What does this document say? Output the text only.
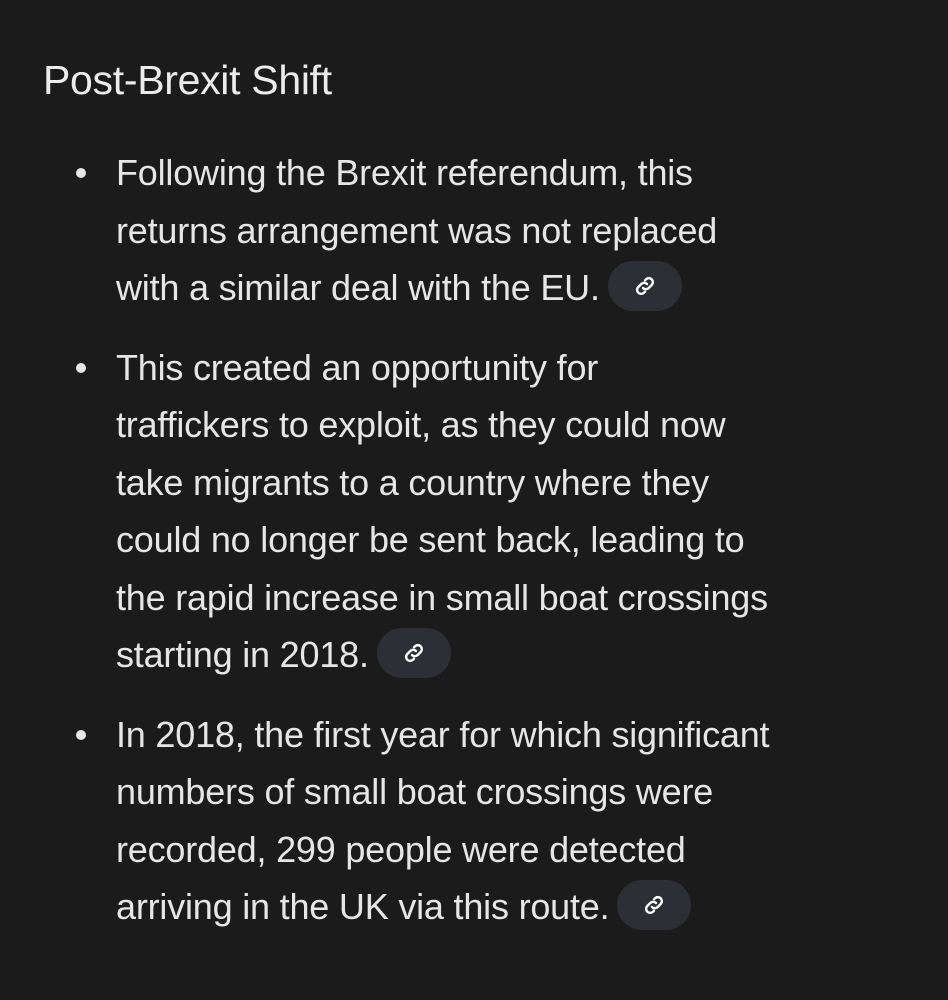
Post-Brexit Shift
Following the Brexit referendum, this
returns arrangement was not replaced
with a similar deal with the EU.
This created an opportunity for
traffickers to exploit, as they could now
take migrants to a country where they
could no longer be sent back, leading to
the rapid increase in small boat crossings
starting in 2018.
In 2018, the first year for which significant
numbers of small boat crossings were
recorded, 299 people were detected
arriving in the UK via this route.
